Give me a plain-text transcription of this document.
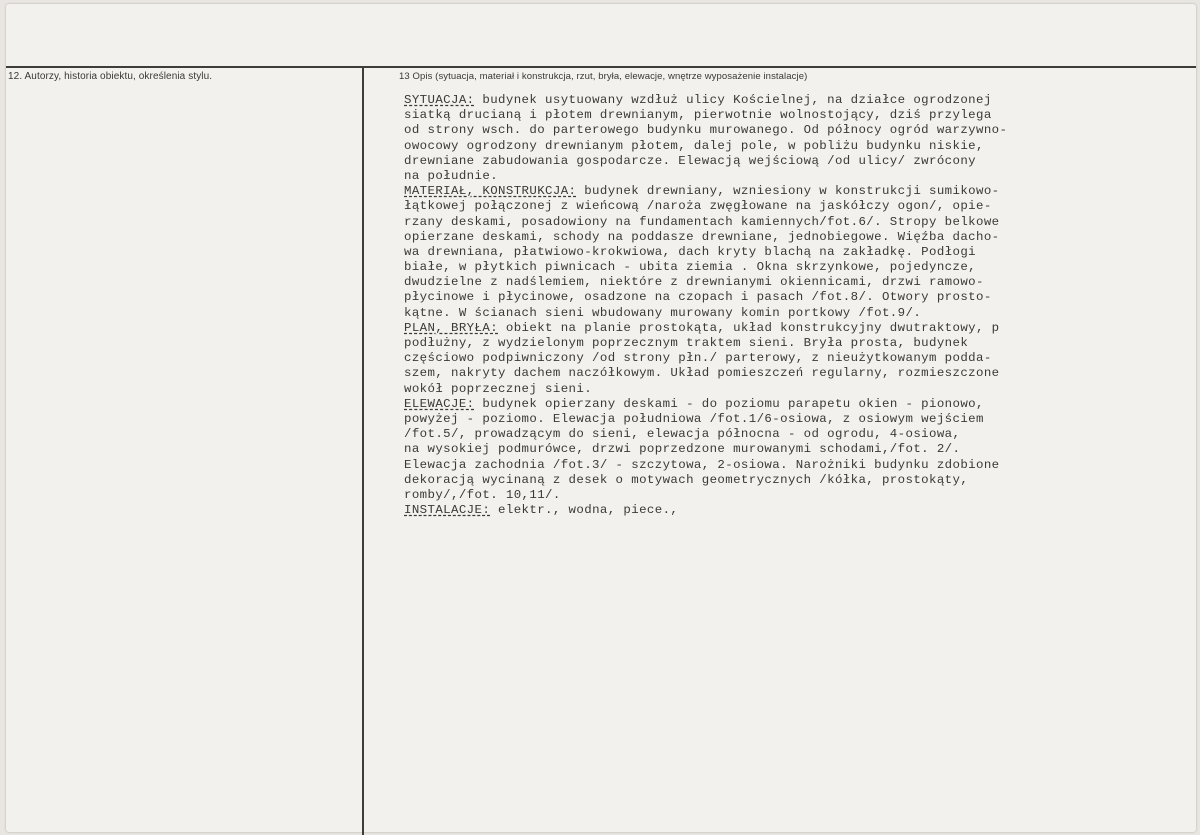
12. Autorzy, historia obiektu, określenia stylu.	13 Opis (sytuacja, materiał i konstrukcja, rzut, bryła, elewacje, wnętrze wyposażenie instalacje)
SYTUACJA: budynek usytuowany wzdłuż ulicy Kościelnej, na działce ogrodzonej
siatką drucianą i płotem drewnianym, pierwotnie wolnostojący, dziś przylega
od strony wsch. do parterowego budynku murowanego. Od północy ogród warzywno-
owocowy ogrodzony drewnianym płotem, dalej pole, w pobliżu budynku niskie,
drewniane zabudowania gospodarcze. Elewacją wejściową /od ulicy/ zwrócony
na południe.
MATERIAŁ, KONSTRUKCJA: budynek drewniany, wzniesiony w konstrukcji sumikowo-
łątkowej połączonej z wieńcową /naroża zwęgłowane na jaskółczy ogon/, opie-
rzany deskami, posadowiony na fundamentach kamiennych/fot.6/. Stropy belkowe
opierzane deskami, schody na poddasze drewniane, jednobiegowe. Więźba dacho-
wa drewniana, płatwiowo-krokwiowa, dach kryty blachą na zakładkę. Podłogi
białe, w płytkich piwnicach - ubita ziemia . Okna skrzynkowe, pojedyncze,
dwudzielne z nadślemiem, niektóre z drewnianymi okiennicami, drzwi ramowo-
płycinowe i płycinowe, osadzone na czopach i pasach /fot.8/. Otwory prosto-
kątne. W ścianach sieni wbudowany murowany komin portkowy /fot.9/.
PLAN, BRYŁA: obiekt na planie prostokąta, układ konstrukcyjny dwutraktowy, p
podłużny, z wydzielonym poprzecznym traktem sieni. Bryła prosta, budynek
częściowo podpiwniczony /od strony płn./ parterowy, z nieużytkowanym podda-
szem, nakryty dachem naczółkowym. Układ pomieszczeń regularny, rozmieszczone
wokół poprzecznej sieni.
ELEWACJE: budynek opierzany deskami - do poziomu parapetu okien - pionowo,
powyżej - poziomo. Elewacja południowa /fot.1/6-osiowa, z osiowym wejściem
/fot.5/, prowadzącym do sieni, elewacja północna - od ogrodu, 4-osiowa,
na wysokiej podmurówce, drzwi poprzedzone murowanymi schodami,/fot. 2/.
Elewacja zachodnia /fot.3/ - szczytowa, 2-osiowa. Narożniki budynku zdobione
dekoracją wycinaną z desek o motywach geometrycznych /kółka, prostokąty,
romby/,/fot. 10,11/.
INSTALACJE: elektr., wodna, piece.,
